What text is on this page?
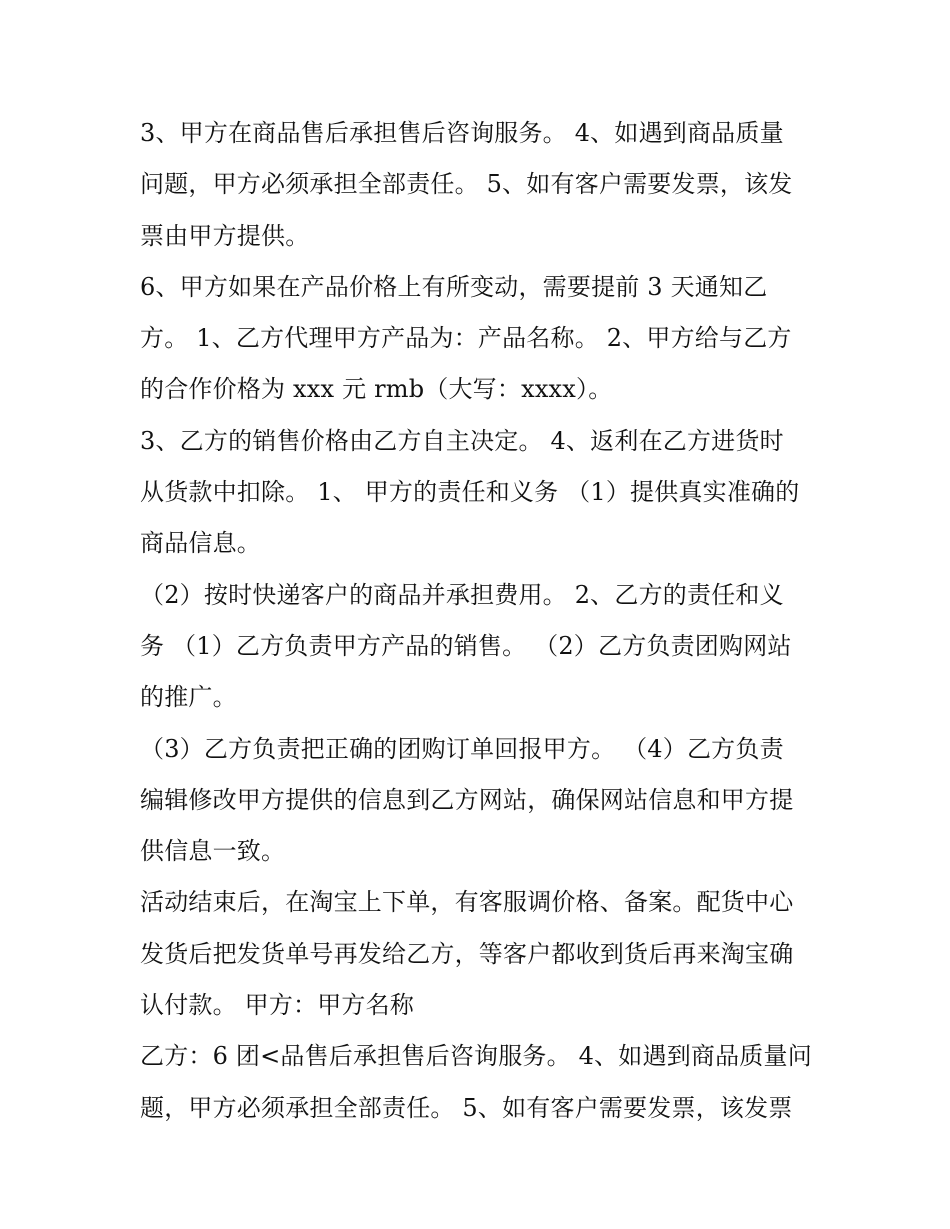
3、甲方在商品售后承担售后咨询服务。 4、如遇到商品质量
问题，甲方必须承担全部责任。 5、如有客户需要发票，该发
票由甲方提供。
6、甲方如果在产品价格上有所变动，需要提前 3 天通知乙
方。 1、乙方代理甲方产品为：产品名称。 2、甲方给与乙方
的合作价格为 xxx 元 rmb（大写：xxxx）。
3、乙方的销售价格由乙方自主决定。 4、返利在乙方进货时
从货款中扣除。 1、 甲方的责任和义务 （1）提供真实准确的
商品信息。
（2）按时快递客户的商品并承担费用。 2、乙方的责任和义
务 （1）乙方负责甲方产品的销售。 （2）乙方负责团购网站
的推广。
（3）乙方负责把正确的团购订单回报甲方。 （4）乙方负责
编辑修改甲方提供的信息到乙方网站，确保网站信息和甲方提
供信息一致。
活动结束后，在淘宝上下单，有客服调价格、备案。配货中心
发货后把发货单号再发给乙方，等客户都收到货后再来淘宝确
认付款。 甲方：甲方名称
乙方：6 团<品售后承担售后咨询服务。 4、如遇到商品质量问
题，甲方必须承担全部责任。 5、如有客户需要发票，该发票
